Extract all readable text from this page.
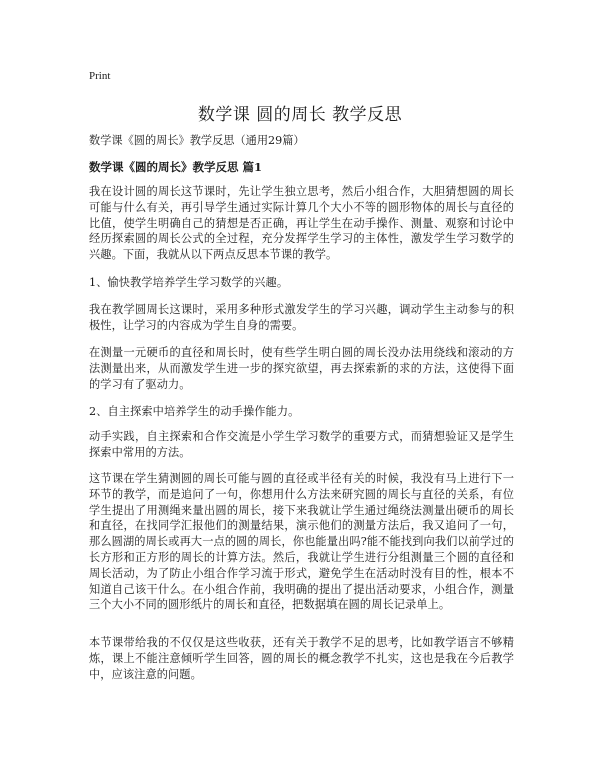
Print
数学课 圆的周长 教学反思
数学课《圆的周长》教学反思（通用29篇）
数学课《圆的周长》教学反思 篇1
我在设计圆的周长这节课时，先让学生独立思考，然后小组合作，大胆猜想圆的周长可能与什么有关，再引导学生通过实际计算几个大小不等的圆形物体的周长与直径的比值，使学生明确自己的猜想是否正确，再让学生在动手操作、测量、观察和讨论中经历探索圆的周长公式的全过程，充分发挥学生学习的主体性，激发学生学习数学的兴趣。下面，我就从以下两点反思本节课的教学。
1、愉快教学培养学生学习数学的兴趣。
我在教学圆周长这课时，采用多种形式激发学生的学习兴趣，调动学生主动参与的积极性，让学习的内容成为学生自身的需要。
在测量一元硬币的直径和周长时，使有些学生明白圆的周长没办法用绕线和滚动的方法测量出来，从而激发学生进一步的探究欲望，再去探索新的求的方法，这使得下面的学习有了驱动力。
2、自主探索中培养学生的动手操作能力。
动手实践，自主探索和合作交流是小学生学习数学的重要方式，而猜想验证又是学生探索中常用的方法。
这节课在学生猜测圆的周长可能与圆的直径或半径有关的时候，我没有马上进行下一环节的教学，而是追问了一句，你想用什么方法来研究圆的周长与直径的关系，有位学生提出了用测绳来量出圆的周长，接下来我就让学生通过绳绕法测量出硬币的周长和直径，在找同学汇报他们的测量结果，演示他们的测量方法后，我又追问了一句，那么圆湖的周长或再大一点的圆的周长，你也能量出吗?能不能找到向我们以前学过的长方形和正方形的周长的计算方法。然后，我就让学生进行分组测量三个圆的直径和周长活动，为了防止小组合作学习流于形式，避免学生在活动时没有目的性，根本不知道自己该干什么。在小组合作前，我明确的提出了提出活动要求，小组合作，测量三个大小不同的圆形纸片的周长和直径，把数据填在圆的周长记录单上。
本节课带给我的不仅仅是这些收获，还有关于教学不足的思考，比如教学语言不够精炼，课上不能注意倾听学生回答，圆的周长的概念教学不扎实，这也是我在今后教学中，应该注意的问题。
